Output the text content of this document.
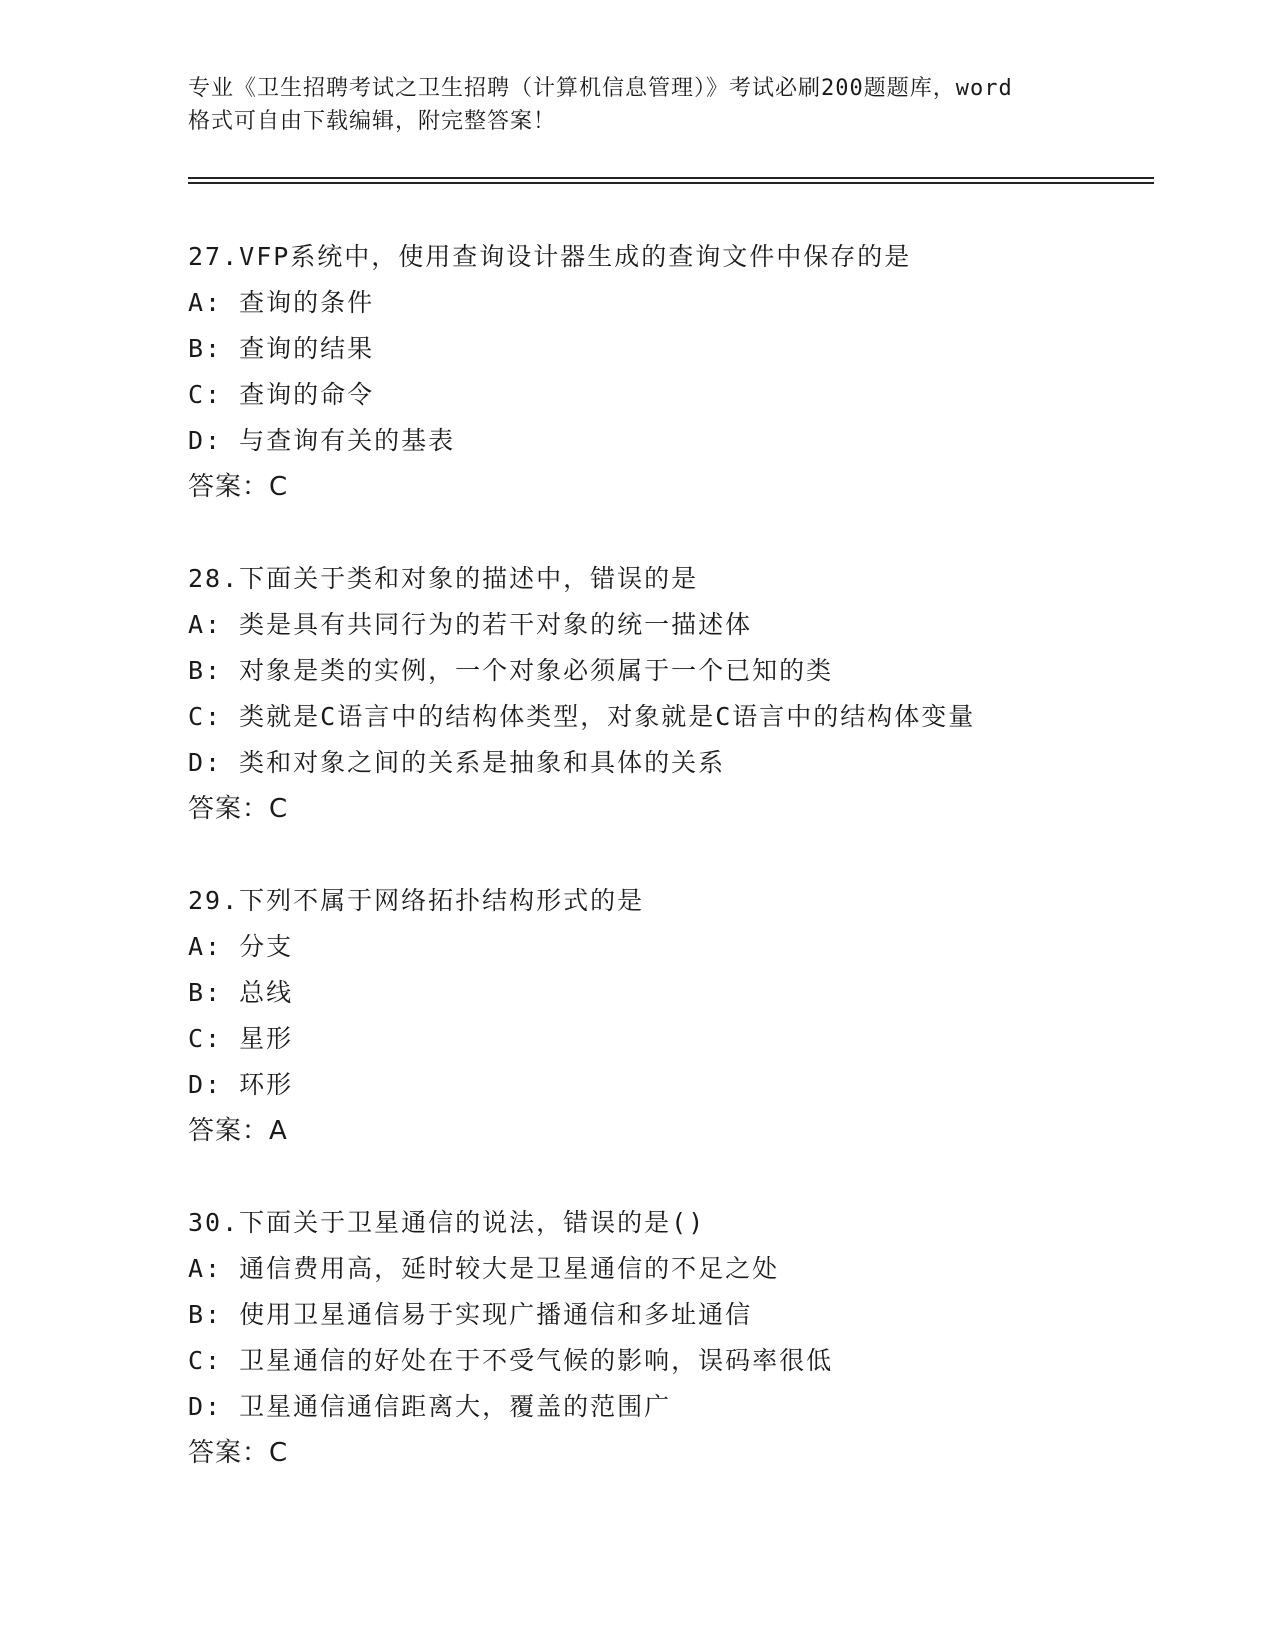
专业《卫生招聘考试之卫生招聘（计算机信息管理）》考试必刷200题题库，word
格式可自由下载编辑，附完整答案！
27.VFP系统中，使用查询设计器生成的查询文件中保存的是
A: 查询的条件
B: 查询的结果
C: 查询的命令
D: 与查询有关的基表
答案：C
28.下面关于类和对象的描述中，错误的是
A: 类是具有共同行为的若干对象的统一描述体
B: 对象是类的实例，一个对象必须属于一个已知的类
C: 类就是C语言中的结构体类型，对象就是C语言中的结构体变量
D: 类和对象之间的关系是抽象和具体的关系
答案：C
29.下列不属于网络拓扑结构形式的是
A: 分支
B: 总线
C: 星形
D: 环形
答案：A
30.下面关于卫星通信的说法，错误的是()
A: 通信费用高，延时较大是卫星通信的不足之处
B: 使用卫星通信易于实现广播通信和多址通信
C: 卫星通信的好处在于不受气候的影响，误码率很低
D: 卫星通信通信距离大，覆盖的范围广
答案：C
